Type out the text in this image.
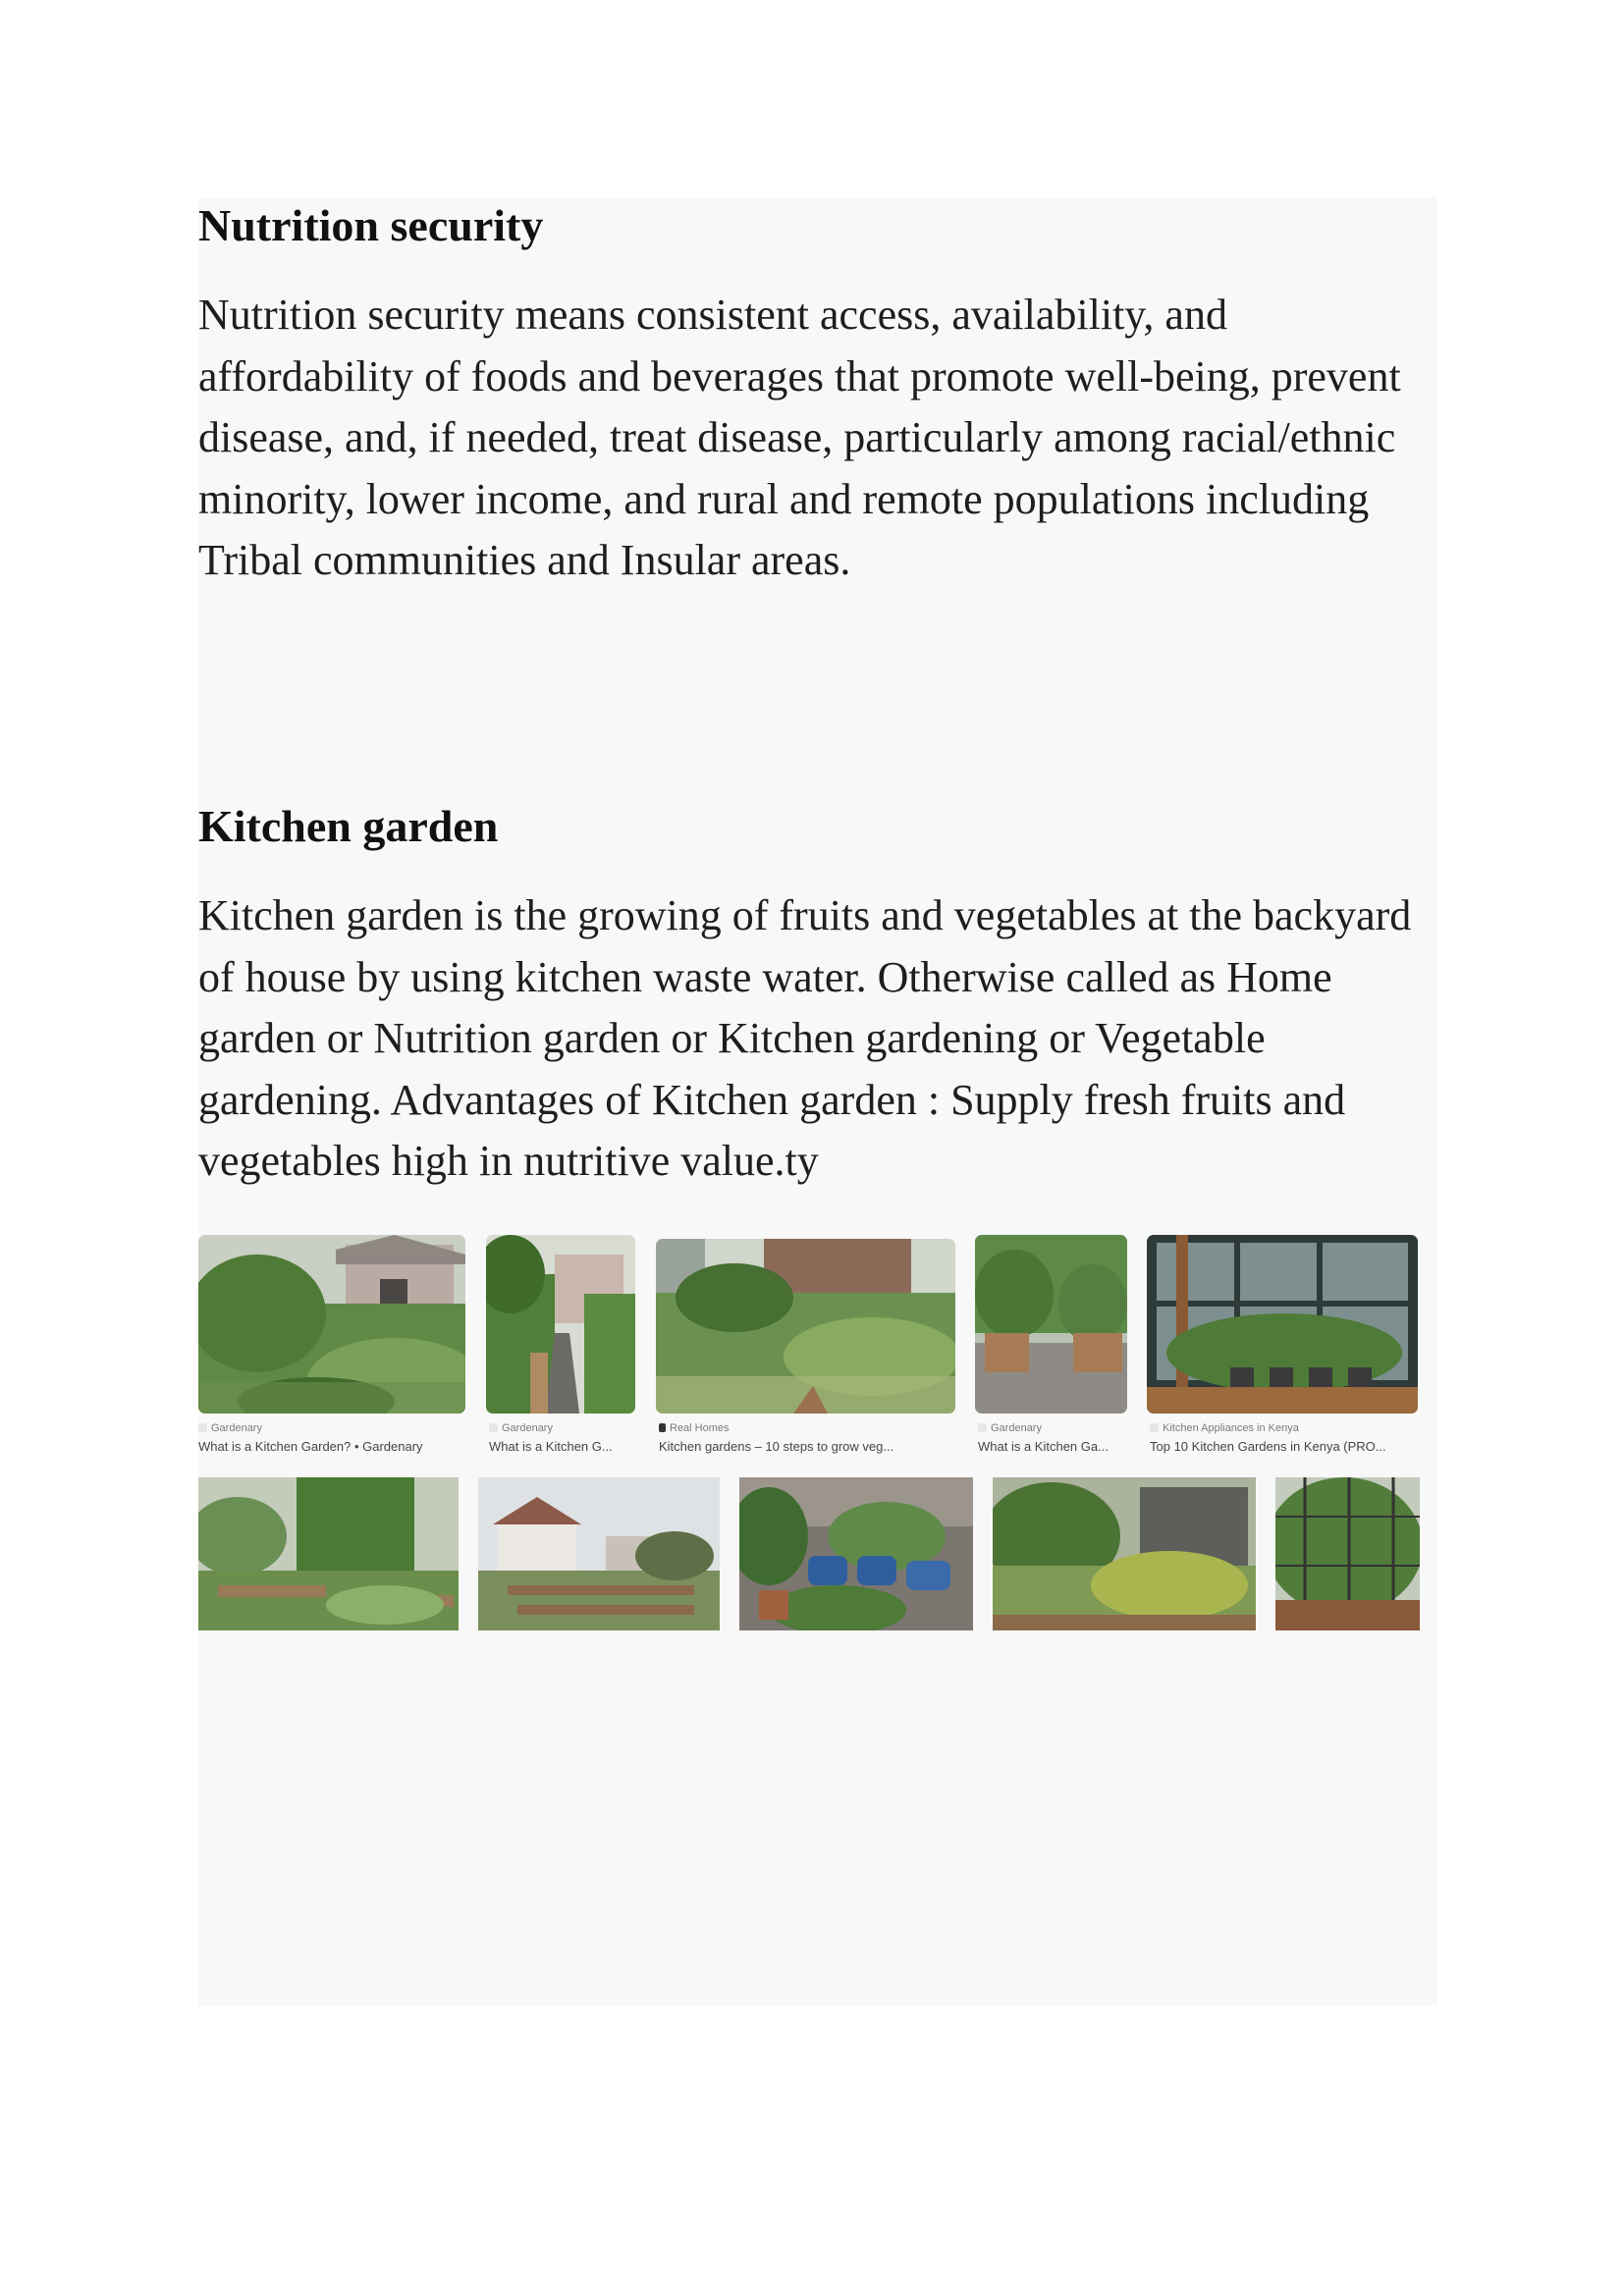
Nutrition security

Nutrition security means consistent access, availability, and affordability of foods and beverages that promote well-being, prevent disease, and, if needed, treat disease, particularly among racial/ethnic minority, lower income, and rural and remote populations including Tribal communities and Insular areas.

Kitchen garden

Kitchen garden is the growing of fruits and vegetables at the backyard of house by using kitchen waste water. Otherwise called as Home garden or Nutrition garden or Kitchen gardening or Vegetable gardening. Advantages of Kitchen garden : Supply fresh fruits and vegetables high in nutritive value.ty

Gardenary
What is a Kitchen Garden? • Gardenary
Gardenary
What is a Kitchen G...
Real Homes
Kitchen gardens – 10 steps to grow veg...
Gardenary
What is a Kitchen Ga...
Kitchen Appliances in Kenya
Top 10 Kitchen Gardens in Kenya (PRO...
